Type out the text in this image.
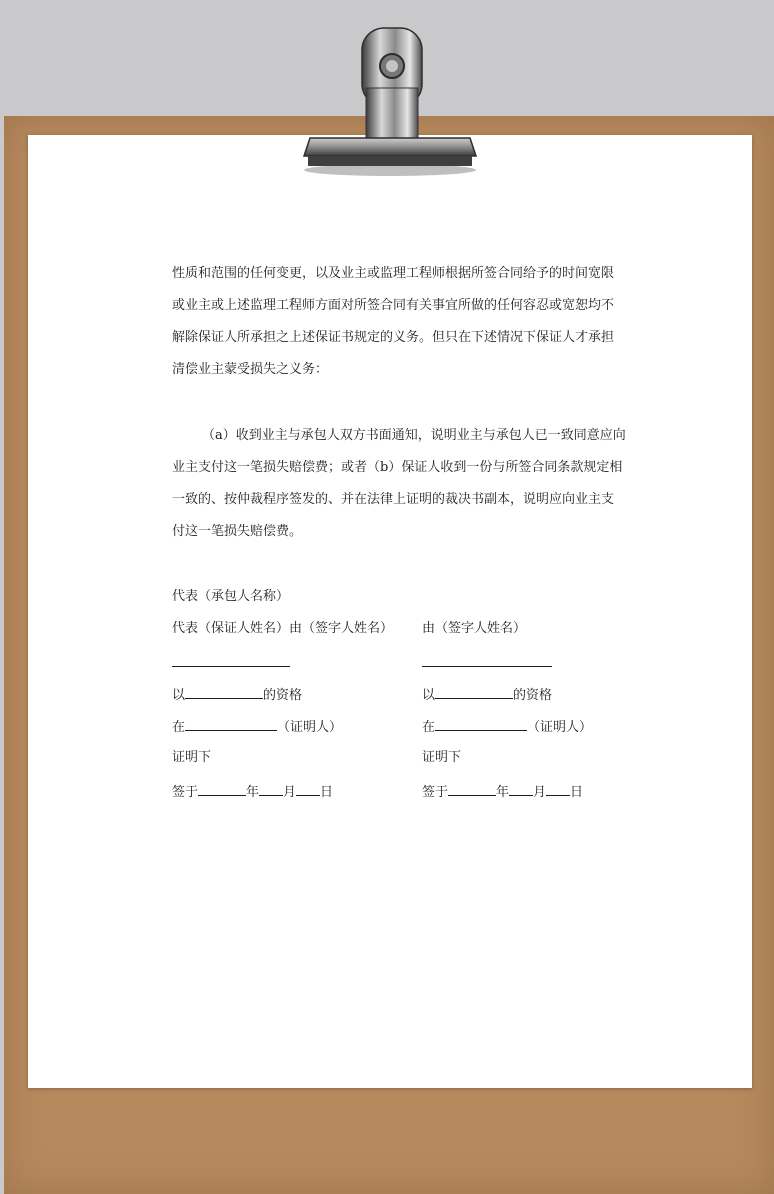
性质和范围的任何变更，以及业主或监理工程师根据所签合同给予的时间宽限
或业主或上述监理工程师方面对所签合同有关事宜所做的任何容忍或宽恕均不
解除保证人所承担之上述保证书规定的义务。但只在下述情况下保证人才承担
清偿业主蒙受损失之义务：
（a）收到业主与承包人双方书面通知，说明业主与承包人已一致同意应向
业主支付这一笔损失赔偿费；或者（b）保证人收到一份与所签合同条款规定相
一致的、按仲裁程序签发的、并在法律上证明的裁决书副本，说明应向业主支
付这一笔损失赔偿费。
代表（承包人名称）
代表（保证人姓名）由（签字人姓名） 由（签字人姓名）
以	的资格	以	的资格
在	（证明人）	在	（证明人）
证明下	证明下
签于	年 月 日	签于	年 月 日
